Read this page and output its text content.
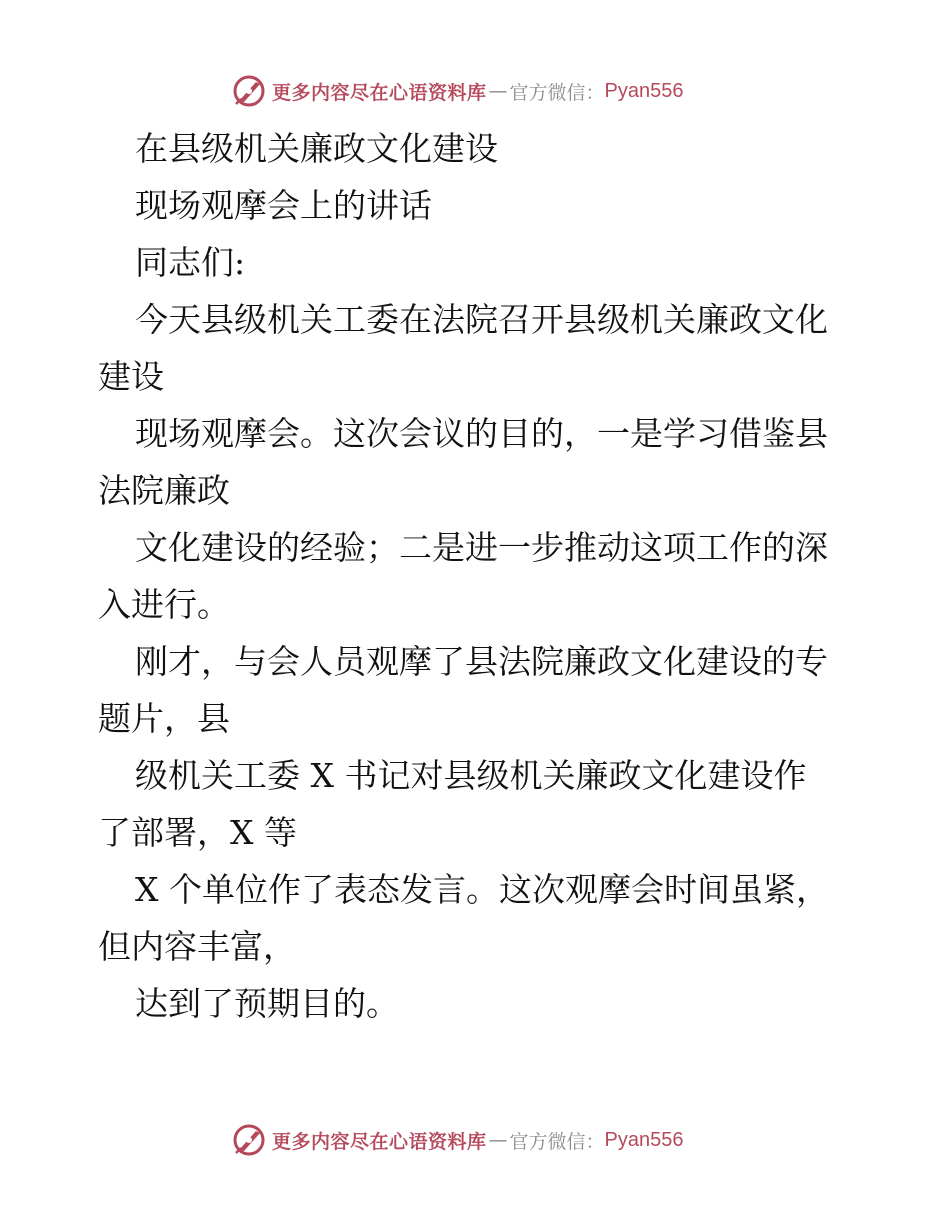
更多内容尽在心语资料库 — 官方微信： Pyan556
在县级机关廉政文化建设
现场观摩会上的讲话
同志们:
今天县级机关工委在法院召开县级机关廉政文化
建设
现场观摩会。这次会议的目的，一是学习借鉴县
法院廉政
文化建设的经验；二是进一步推动这项工作的深
入进行。
刚才，与会人员观摩了县法院廉政文化建设的专
题片，县
级机关工委 X 书记对县级机关廉政文化建设作
了部署，X 等
X 个单位作了表态发言。这次观摩会时间虽紧，
但内容丰富，
达到了预期目的。
更多内容尽在心语资料库 — 官方微信： Pyan556
